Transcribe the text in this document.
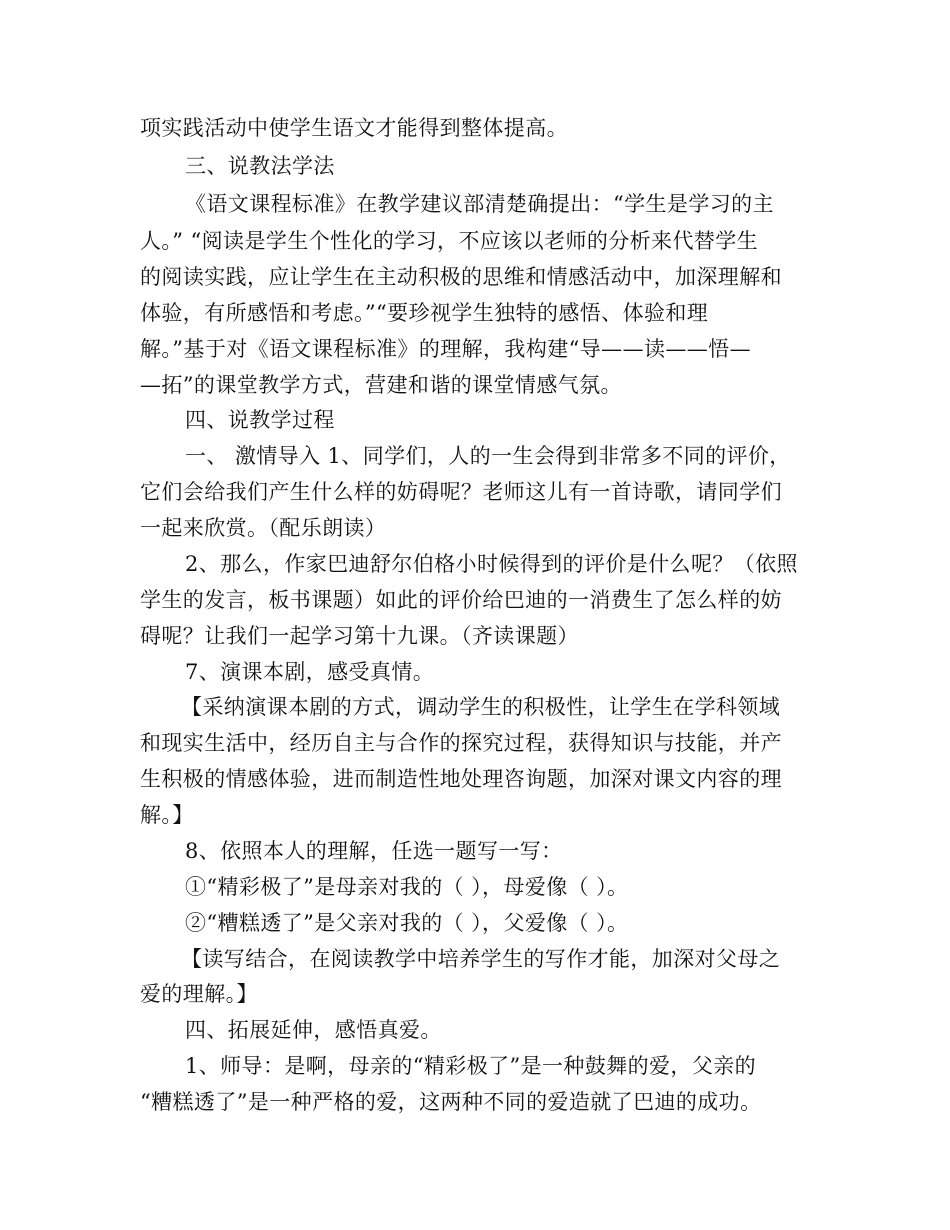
项实践活动中使学生语文才能得到整体提高。
三、说教法学法
《语文课程标准》在教学建议部清楚确提出：“学生是学习的主
人。” “阅读是学生个性化的学习，不应该以老师的分析来代替学生
的阅读实践，应让学生在主动积极的思维和情感活动中，加深理解和
体验，有所感悟和考虑。”“要珍视学生独特的感悟、体验和理
解。”基于对《语文课程标准》的理解，我构建“导——读——悟—
—拓”的课堂教学方式，营建和谐的课堂情感气氛。
四、说教学过程
一、 激情导入 1、同学们，人的一生会得到非常多不同的评价，
它们会给我们产生什么样的妨碍呢？老师这儿有一首诗歌，请同学们
一起来欣赏。（配乐朗读）
2、那么，作家巴迪舒尔伯格小时候得到的评价是什么呢？（依照
学生的发言，板书课题）如此的评价给巴迪的一消费生了怎么样的妨
碍呢？让我们一起学习第十九课。（齐读课题）
7、演课本剧，感受真情。
【采纳演课本剧的方式，调动学生的积极性，让学生在学科领域
和现实生活中，经历自主与合作的探究过程，获得知识与技能，并产
生积极的情感体验，进而制造性地处理咨询题，加深对课文内容的理
解。】
8、依照本人的理解，任选一题写一写：
①“精彩极了”是母亲对我的（ ），母爱像（ ）。
②“糟糕透了”是父亲对我的（ ），父爱像（ ）。
【读写结合，在阅读教学中培养学生的写作才能，加深对父母之
爱的理解。】
四、拓展延伸，感悟真爱。
1、师导：是啊，母亲的“精彩极了”是一种鼓舞的爱，父亲的
“糟糕透了”是一种严格的爱，这两种不同的爱造就了巴迪的成功。
